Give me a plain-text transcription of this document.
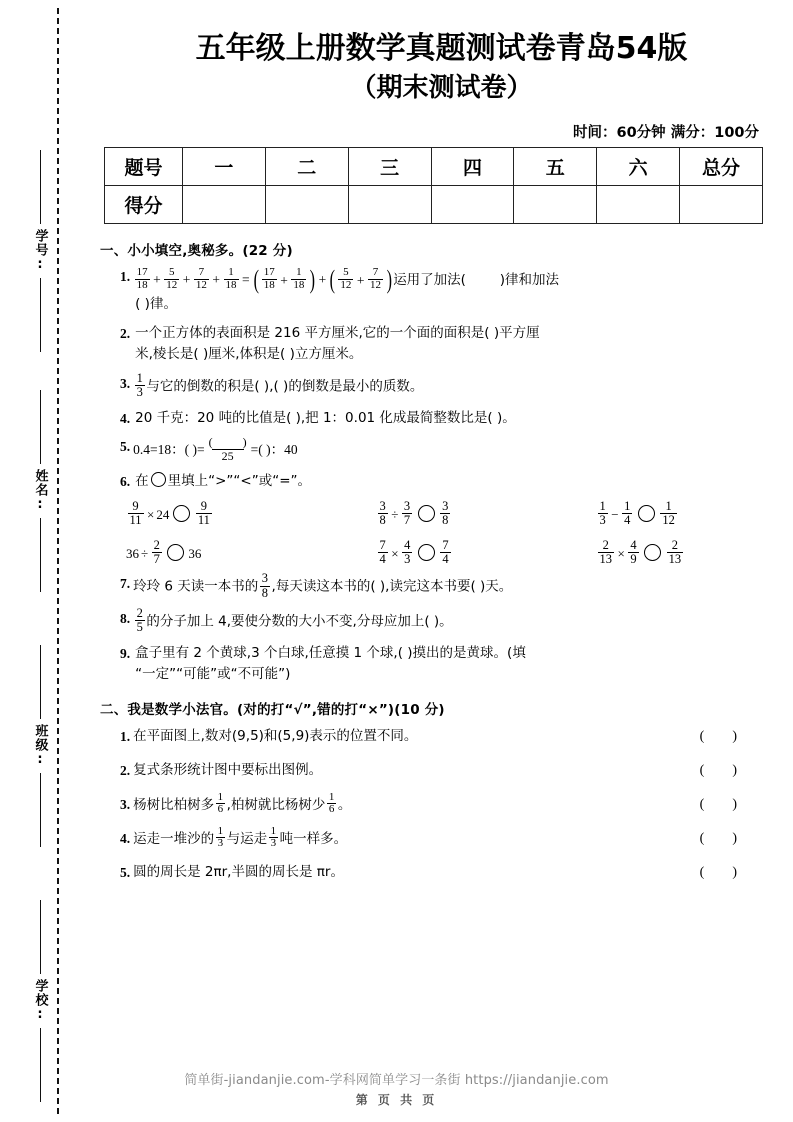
学号:
姓名:
班级:
学校:
五年级上册数学真题测试卷青岛54版
（期末测试卷）
时间：60分钟 满分：100分
题号	一	二	三	四	五	六	总分
得分							
一、小小填空,奥秘多。(22 分)
1. $\frac{17}{18} + \frac{5}{12} + \frac{7}{12} + \frac{1}{18}$ = ( $\frac{17}{18} + \frac{1}{18}$ ) + ( $\frac{5}{12} + \frac{7}{12}$ ) 运用了加法(	)律和加法
( )律。
2. 一个正方体的表面积是 216 平方厘米,它的一个面的面积是( )平方厘
米,棱长是( )厘米,体积是( )立方厘米。
3. $\frac{1}{3}$ 与它的倒数的积是( ),( )的倒数是最小的质数。
4. 20 千克：20 吨的比值是( ),把 1：0.01 化成最简整数比是( )。
5. 0.4=18：( )= $\frac{( )}{25}$ =( )：40
6. 在 里填上“>”“<”或“=”。
$\frac{9}{11} \times 24 \frac{9}{11}$	$\frac{3}{8} \div \frac{3}{7} \frac{3}{8}$	$\frac{1}{3} - \frac{1}{4} \frac{1}{12}$
$36 \div \frac{2}{7} 36$	$\frac{7}{4} \times \frac{4}{3} \frac{7}{4}$	$\frac{2}{13} \times \frac{4}{9} \frac{2}{13}$
7. 玲玲 6 天读一本书的 $\frac{3}{8}$ ,每天读这本书的( ),读完这本书要( )天。
8. $\frac{2}{5}$ 的分子加上 4,要使分数的大小不变,分母应加上( )。
9. 盒子里有 2 个黄球,3 个白球,任意摸 1 个球,( )摸出的是黄球。(填
“一定”“可能”或“不可能”)
二、我是数学小法官。(对的打“√”,错的打“×”)(10 分)
1. 在平面图上,数对(9,5)和(5,9)表示的位置不同。	(        )
2. 复式条形统计图中要标出图例。	(        )
3. 杨树比柏树多 $\frac{1}{6}$ ,柏树就比杨树少 $\frac{1}{6}$ 。	(        )
4. 运走一堆沙的 $\frac{1}{3}$ 与运走 $\frac{1}{3}$ 吨一样多。	(        )
5. 圆的周长是 2πr,半圆的周长是 πr。	(        )
简单街-jiandanjie.com-学科网简单学习一条街 https://jiandanjie.com
第 页 共 页
